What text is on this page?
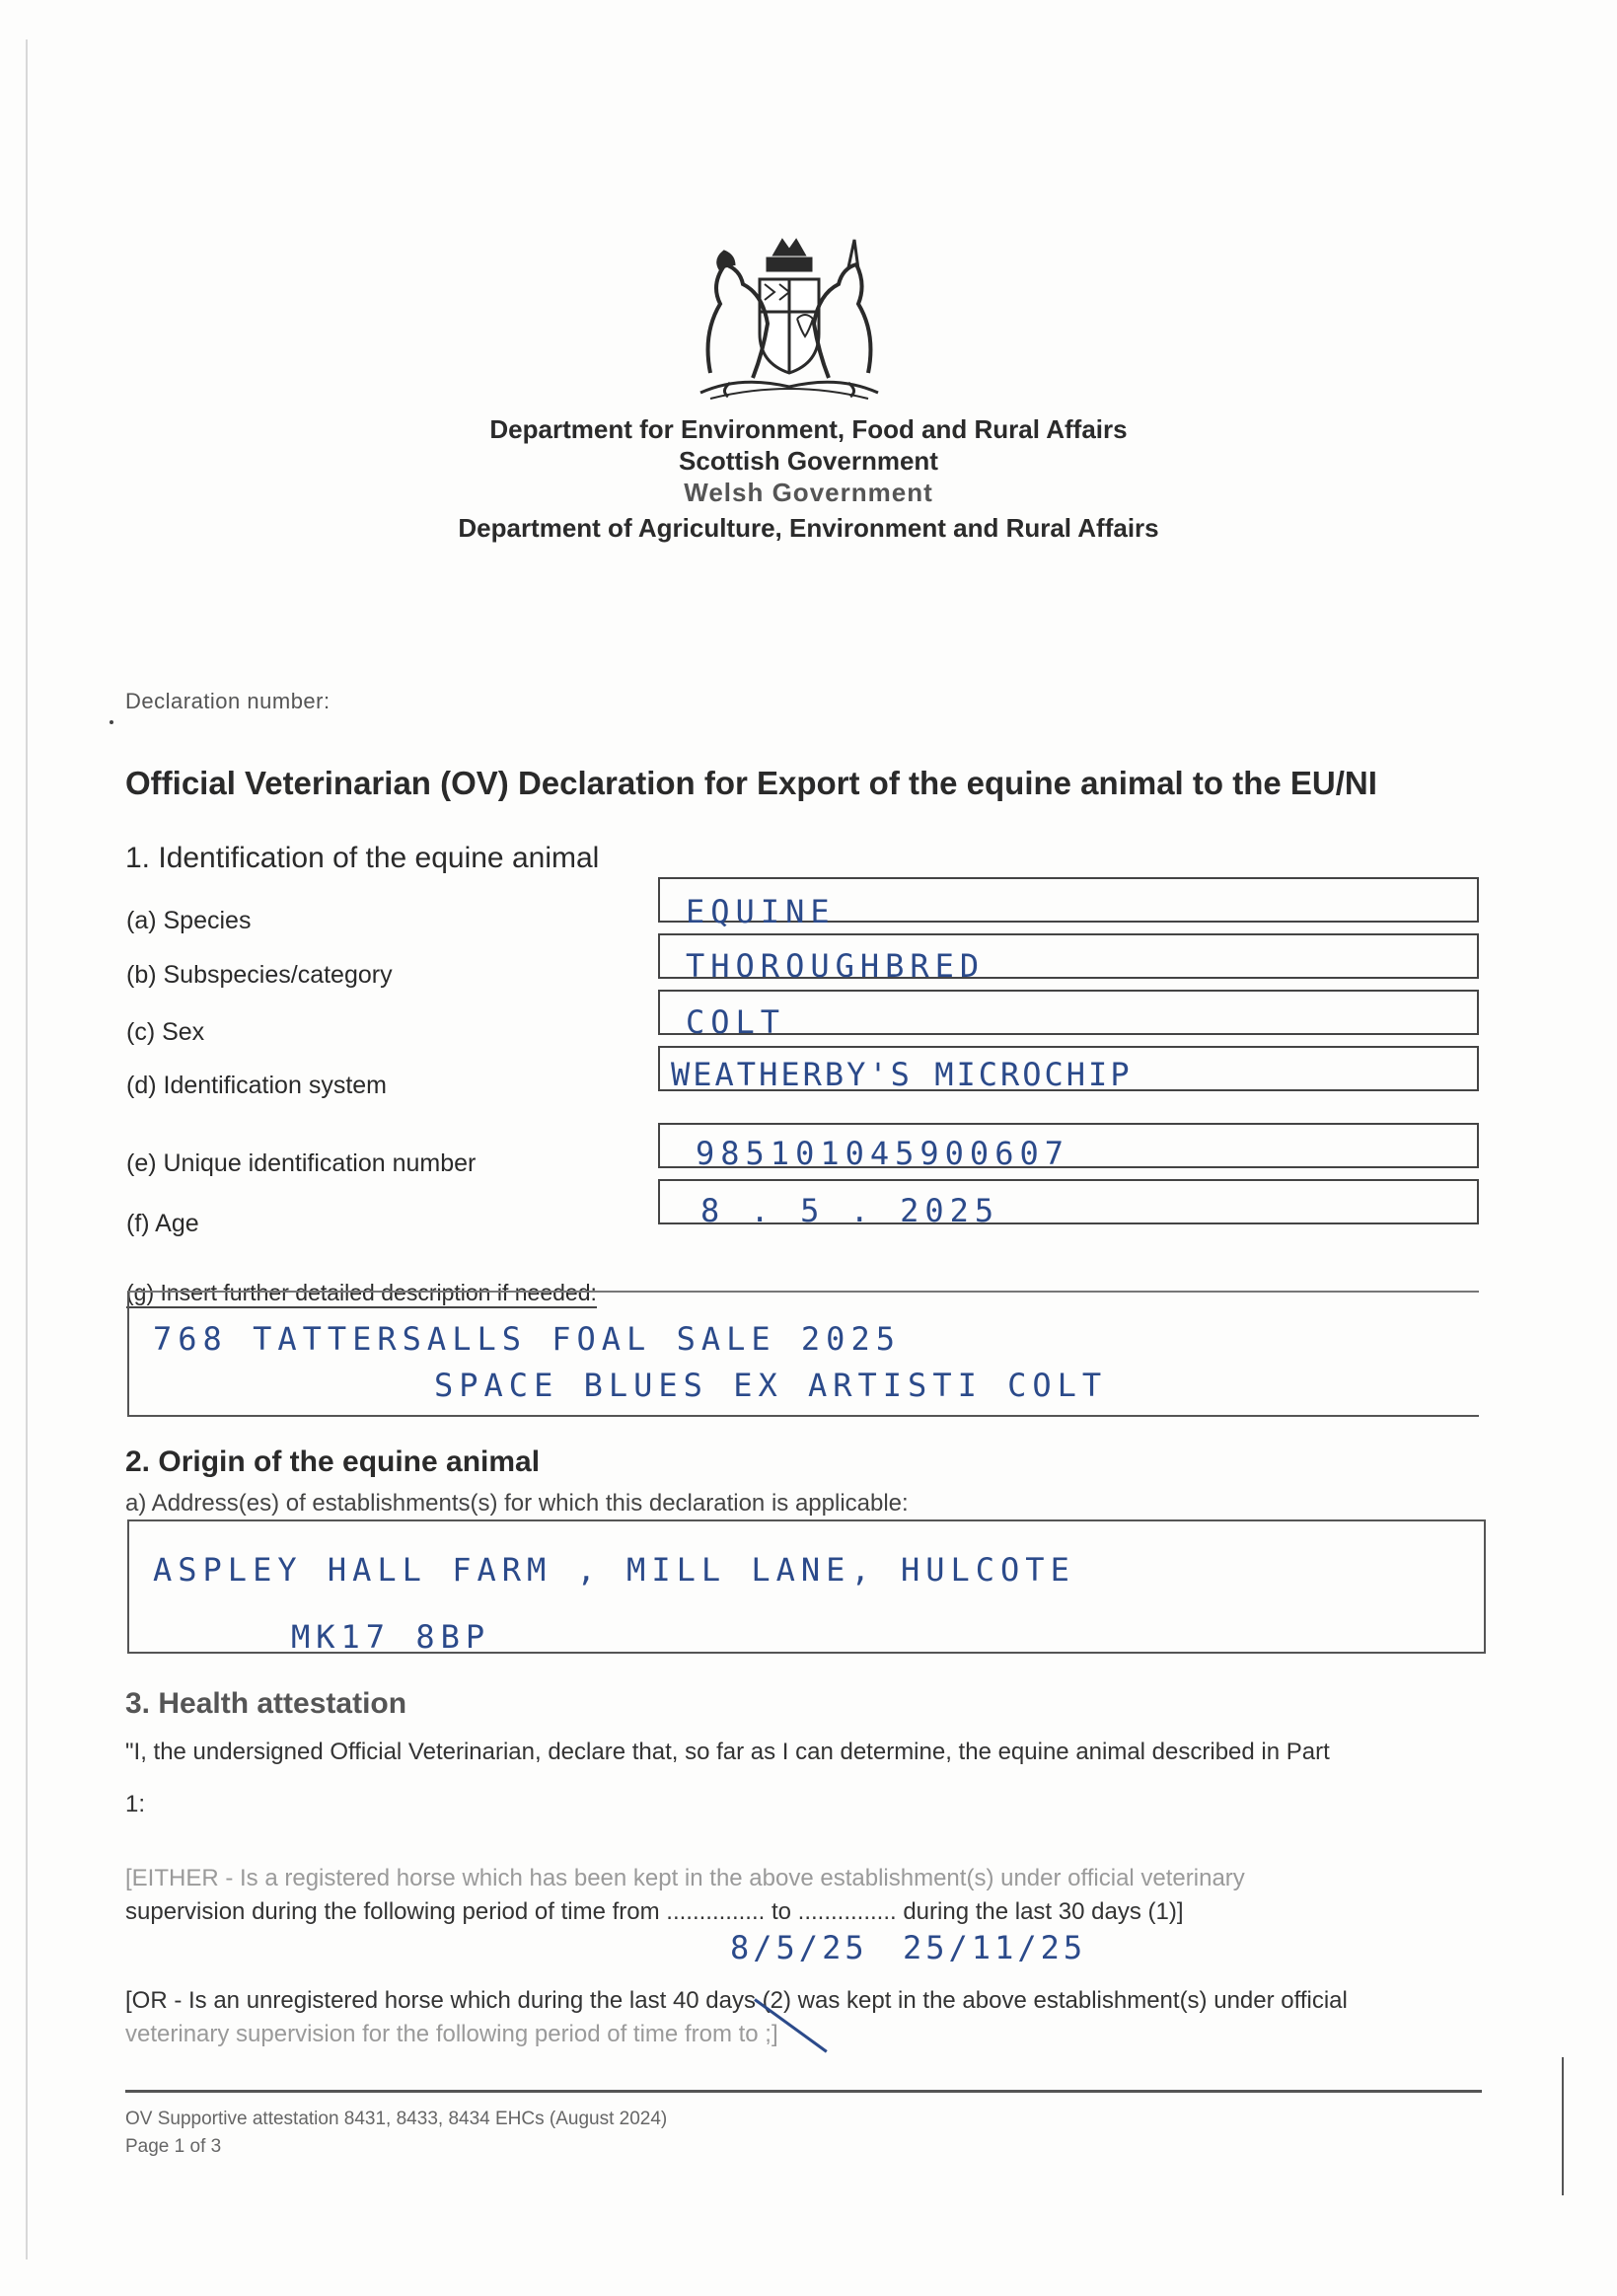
Department for Environment, Food and Rural Affairs
Scottish Government
Welsh Government
Department of Agriculture, Environment and Rural Affairs
Declaration number:
Official Veterinarian (OV) Declaration for Export of the equine animal to the EU/NI
1. Identification of the equine animal
(a) Species	EQUINE
(b) Subspecies/category	THOROUGHBRED
(c) Sex	COLT
(d) Identification system	WEATHERBY'S MICROCHIP
(e) Unique identification number	985101045900607
(f) Age	8 . 5 . 2025
(g) Insert further detailed description if needed:
768 TATTERSALLS FOAL SALE 2025
SPACE BLUES EX ARTISTI COLT
2. Origin of the equine animal
a) Address(es) of establishments(s) for which this declaration is applicable:
ASPLEY HALL FARM , MILL LANE, HULCOTE
MK17 8BP
3. Health attestation
"I, the undersigned Official Veterinarian, declare that, so far as I can determine, the equine animal described in Part
1:
[EITHER - Is a registered horse which has been kept in the above establishment(s) under official veterinary
supervision during the following period of time from ............... to ............... during the last 30 days (1)]
8/5/25 25/11/25
[OR - Is an unregistered horse which during the last 40 days (2) was kept in the above establishment(s) under official
veterinary supervision for the following period of time from to ;]
OV Supportive attestation 8431, 8433, 8434 EHCs (August 2024)
Page 1 of 3
